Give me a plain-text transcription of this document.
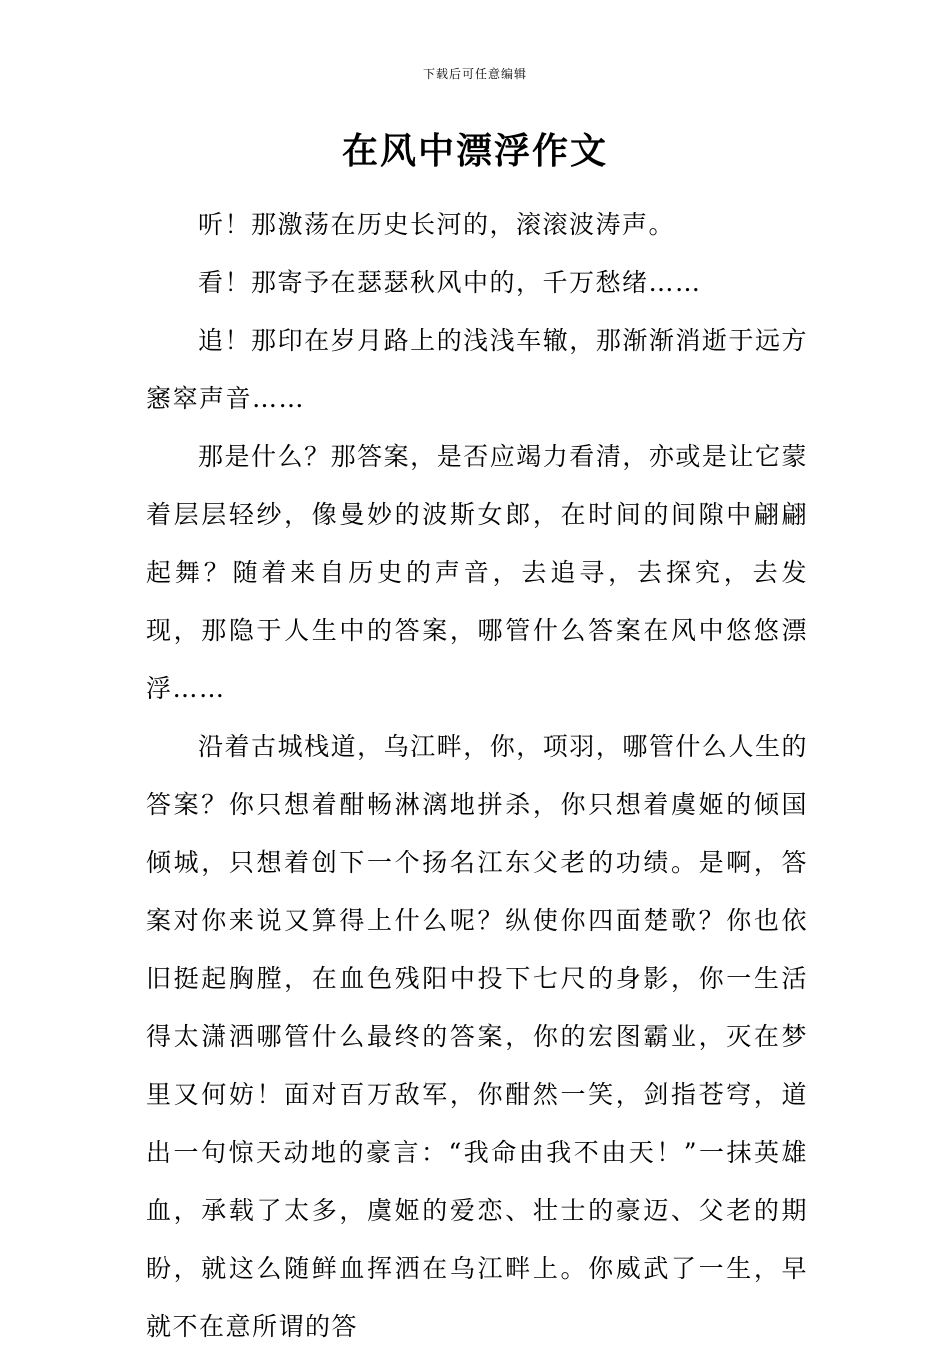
下载后可任意编辑
在风中漂浮作文

听！那激荡在历史长河的，滚滚波涛声。

看！那寄予在瑟瑟秋风中的，千万愁绪……

追！那印在岁月路上的浅浅车辙，那渐渐消逝于远方窸窣声音……

那是什么？那答案，是否应竭力看清，亦或是让它蒙着层层轻纱，像曼妙的波斯女郎，在时间的间隙中翩翩起舞？随着来自历史的声音，去追寻，去探究，去发现，那隐于人生中的答案，哪管什么答案在风中悠悠漂浮……

沿着古城栈道，乌江畔，你，项羽，哪管什么人生的答案？你只想着酣畅淋漓地拼杀，你只想着虞姬的倾国倾城，只想着创下一个扬名江东父老的功绩。是啊，答案对你来说又算得上什么呢？纵使你四面楚歌？你也依旧挺起胸膛，在血色残阳中投下七尺的身影，你一生活得太潇洒哪管什么最终的答案，你的宏图霸业，灭在梦里又何妨！面对百万敌军，你酣然一笑，剑指苍穹，道出一句惊天动地的豪言：“我命由我不由天！”一抹英雄血，承载了太多，虞姬的爱恋、壮士的豪迈、父老的期盼，就这么随鲜血挥洒在乌江畔上。你威武了一生，早就不在意所谓的答
